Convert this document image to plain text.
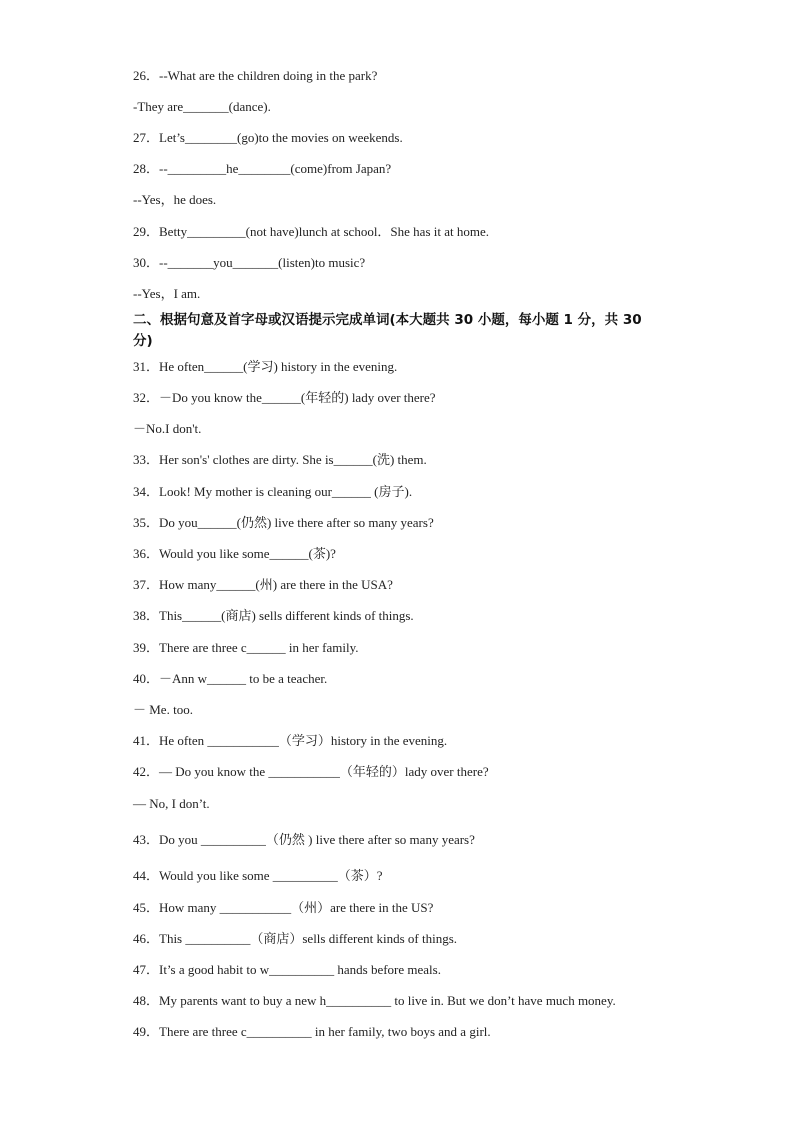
26．--What are the children doing in the park?
-They are_______(dance).
27．Let’s________(go)to the movies on weekends.
28．--_________he________(come)from Japan?
--Yes，he does.
29．Betty_________(not have)lunch at school．She has it at home.
30．--_______you_______(listen)to music?
--Yes，I am.
二、根据句意及首字母或汉语提示完成单词(本大题共 30 小题，每小题 1 分，共 30 分)
31．He often______(学习) history in the evening.
32．－Do you know the______(年轻的) lady over there?
－No.I don't.
33．Her son's' clothes are dirty. She is______(洗) them.
34．Look! My mother is cleaning our______ (房子).
35．Do you______(仍然) live there after so many years?
36．Would you like some______(茶)?
37．How many______(州) are there in the USA?
38．This______(商店) sells different kinds of things.
39．There are three c______ in her family.
40．－Ann w______ to be a teacher.
－ Me. too.
41．He often ___________（学习）history in the evening.
42．— Do you know the ___________（年轻的）lady over there?
— No, I don’t.
43．Do you __________（仍然 ) live there after so many years?
44．Would you like some __________（茶）?
45．How many ___________（州）are there in the US?
46．This __________（商店）sells different kinds of things.
47．It’s a good habit to w__________ hands before meals.
48．My parents want to buy a new h__________ to live in. But we don’t have much money.
49．There are three c__________ in her family, two boys and a girl.
